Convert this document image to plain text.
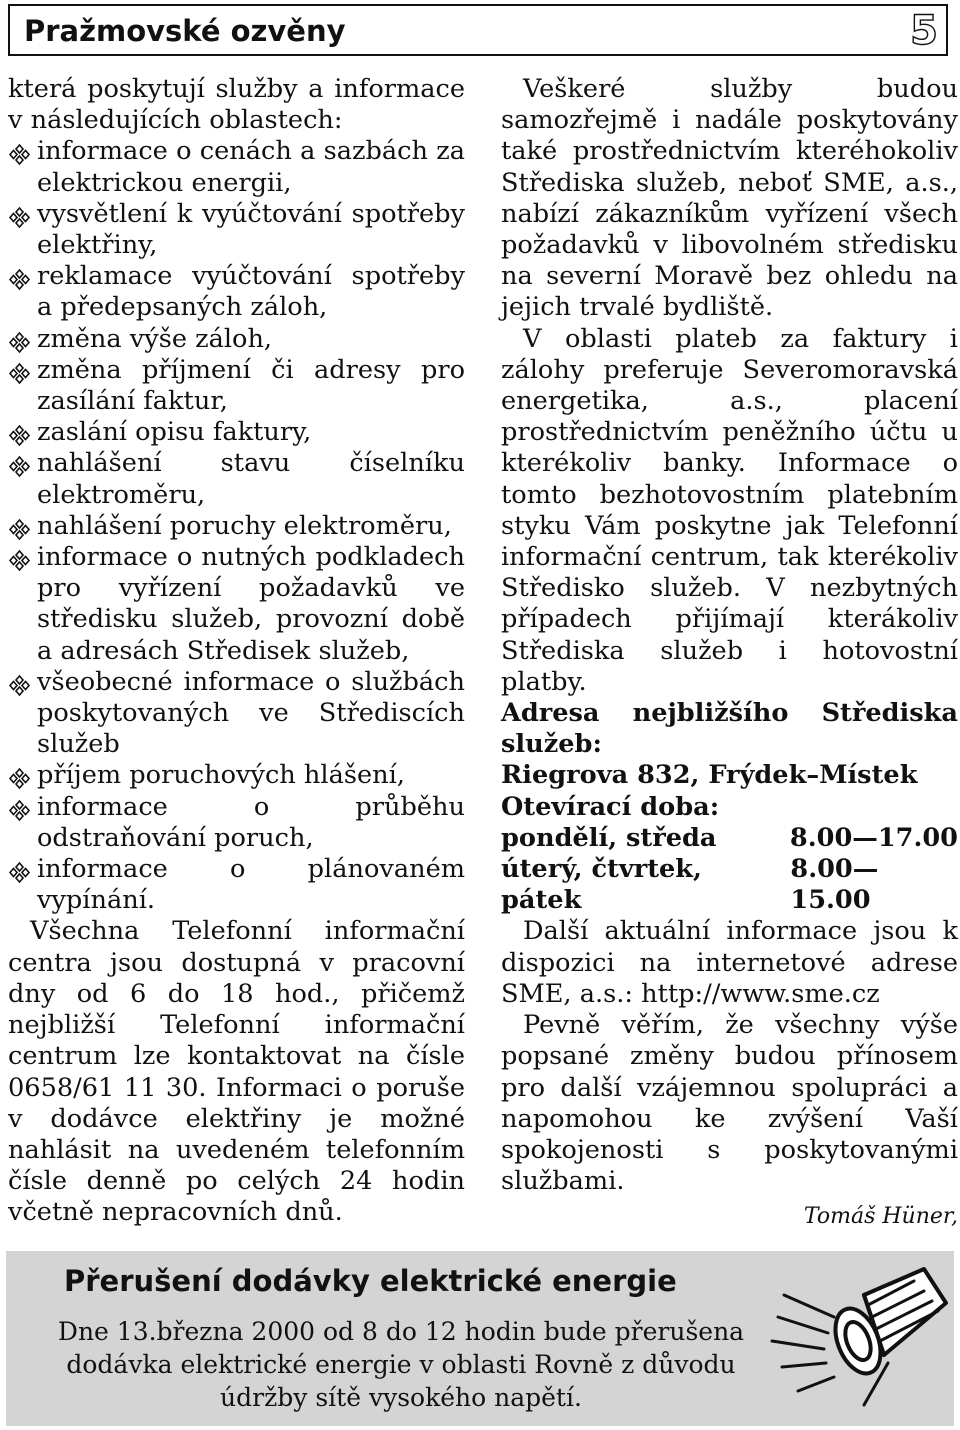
Pražmovské ozvěny	5

která poskytují služby a informace v následujících oblastech:

informace o cenách a sazbách za elektrickou energii,
vysvětlení k vyúčtování spotřeby elektřiny,
reklamace vyúčtování spotřeby a předepsaných záloh,
změna výše záloh,
změna příjmení či adresy pro zasílání faktur,
zaslání opisu faktury,
nahlášení stavu číselníku elektroměru,
nahlášení poruchy elektroměru,
informace o nutných podkladech pro vyřízení požadavků ve středisku služeb, provozní době a adresách Středisek služeb,
všeobecné informace o službách poskytovaných ve Střediscích služeb
příjem poruchových hlášení,
informace o průběhu odstraňování poruch,
informace o plánovaném vypínání.

Všechna Telefonní informační centra jsou dostupná v pracovní dny od 6 do 18 hod., přičemž nejbližší Telefonní informační centrum lze kontaktovat na čísle 0658/61 11 30. Informaci o poruše v dodávce elektřiny je možné nahlásit na uvedeném telefonním čísle denně po celých 24 hodin včetně nepracovních dnů.

Veškeré služby budou samozřejmě i nadále poskytovány také prostřednictvím kteréhokoliv Střediska služeb, neboť SME, a.s., nabízí zákazníkům vyřízení všech požadavků v libovolném středisku na severní Moravě bez ohledu na jejich trvalé bydliště.

V oblasti plateb za faktury i zálohy preferuje Severomoravská energetika, a.s., placení prostřednictvím peněžního účtu u kterékoliv banky. Informace o tomto bezhotovostním platebním styku Vám poskytne jak Telefonní informační centrum, tak kterékoliv Středisko služeb. V nezbytných případech přijímají kterákoliv Střediska služeb i hotovostní platby.

Adresa nejbližšího Střediska služeb:

Riegrova 832, Frýdek–Místek

Otevírací doba:

pondělí, středa	8.00—17.00
úterý, čtvrtek, pátek
8.00—15.00

Další aktuální informace jsou k dispozici na internetové adrese SME, a.s.: http://www.sme.cz

Pevně věřím, že všechny výše popsané změny budou přínosem pro další vzájemnou spolupráci a napomohou ke zvýšení Vaší spokojenosti s poskytovanými službami.

Tomáš Hüner,
Přerušení dodávky elektrické energie
Dne 13.března 2000 od 8 do 12 hodin bude přerušena dodávka elektrické energie v oblasti Rovně z důvodu údržby sítě vysokého napětí.
